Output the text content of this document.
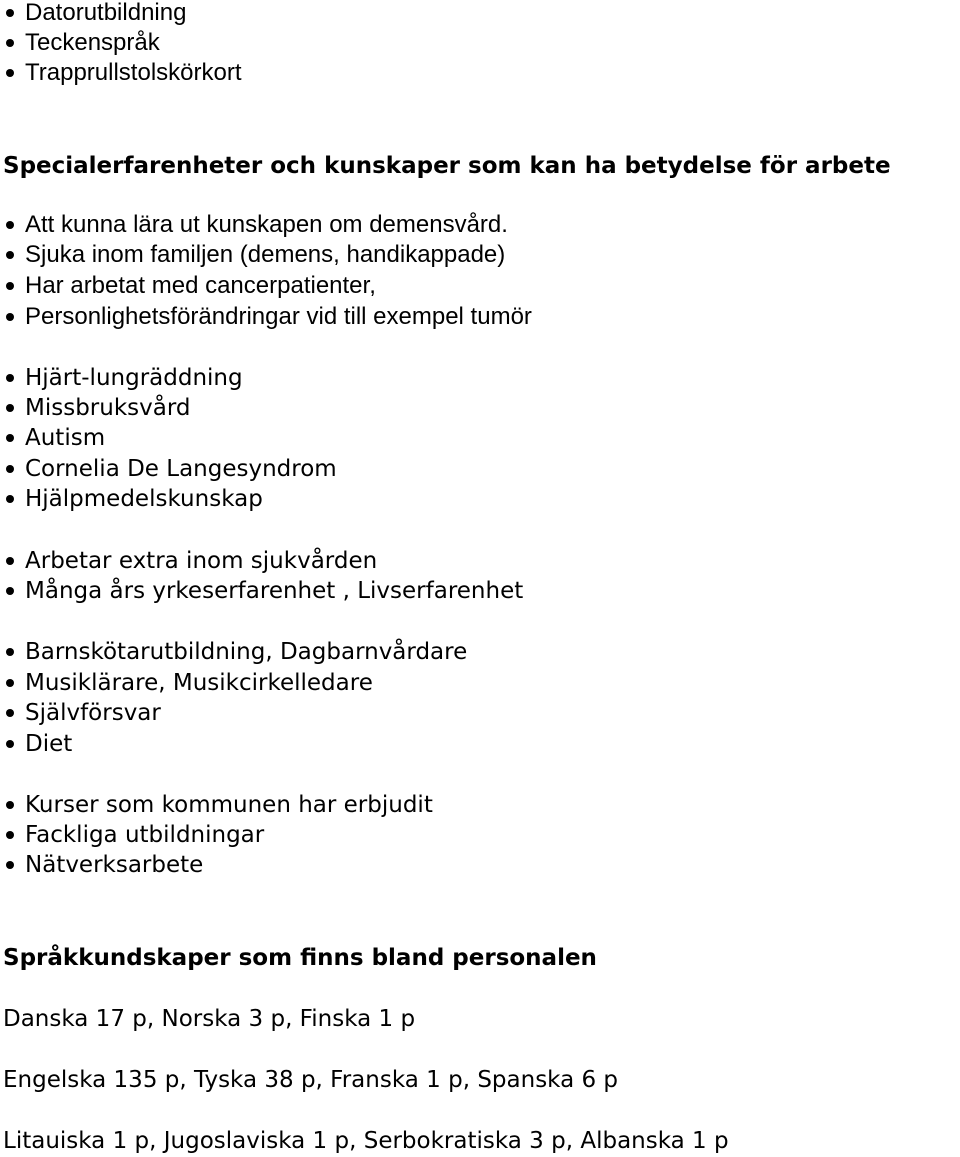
Datorutbildning
Teckenspråk
Trapprullstolskörkort
Specialerfarenheter och kunskaper som kan ha betydelse för arbete
Att kunna lära ut kunskapen om demensvård.
Sjuka inom familjen (demens, handikappade)
Har arbetat med cancerpatienter,
Personlighetsförändringar vid till exempel tumör
Hjärt-lungräddning
Missbruksvård
Autism
Cornelia De Langesyndrom
Hjälpmedelskunskap
Arbetar extra inom sjukvården
Många års yrkeserfarenhet , Livserfarenhet
Barnskötarutbildning, Dagbarnvårdare
Musiklärare, Musikcirkelledare
Självförsvar
Diet
Kurser som kommunen har erbjudit
Fackliga utbildningar
Nätverksarbete
Språkkundskaper som finns bland personalen
Danska 17 p, Norska 3 p, Finska 1 p
Engelska 135 p, Tyska 38 p, Franska 1 p, Spanska 6 p
Litauiska 1 p, Jugoslaviska 1 p, Serbokratiska 3 p, Albanska 1 p
